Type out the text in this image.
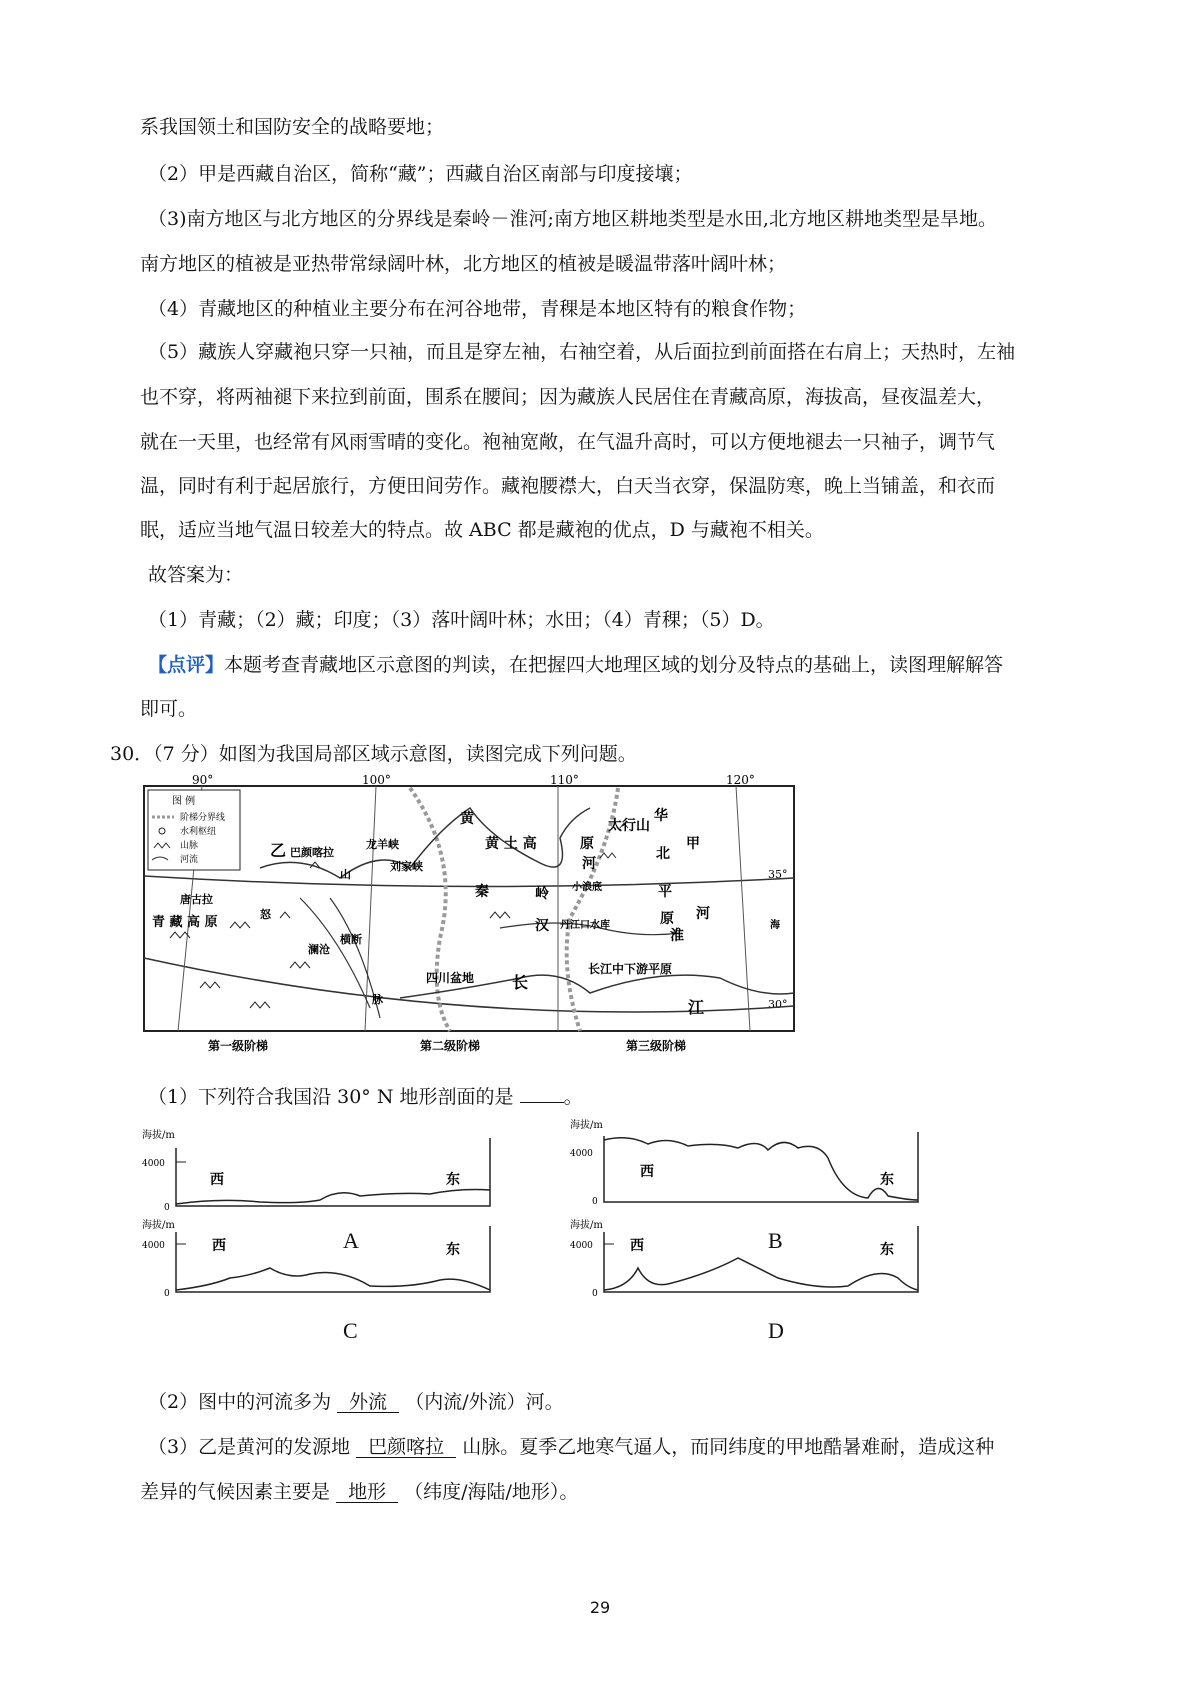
系我国领土和国防安全的战略要地；
（2）甲是西藏自治区，简称“藏”；西藏自治区南部与印度接壤；
（3)南方地区与北方地区的分界线是秦岭－淮河;南方地区耕地类型是水田,北方地区耕地类型是旱地。
南方地区的植被是亚热带常绿阔叶林，北方地区的植被是暖温带落叶阔叶林；
（4）青藏地区的种植业主要分布在河谷地带，青稞是本地区特有的粮食作物；
（5）藏族人穿藏袍只穿一只袖，而且是穿左袖，右袖空着，从后面拉到前面搭在右肩上；天热时，左袖
也不穿，将两袖褪下来拉到前面，围系在腰间；因为藏族人民居住在青藏高原，海拔高，昼夜温差大，
就在一天里，也经常有风雨雪晴的变化。袍袖宽敞，在气温升高时，可以方便地褪去一只袖子，调节气
温，同时有利于起居旅行，方便田间劳作。藏袍腰襟大，白天当衣穿，保温防寒，晚上当铺盖，和衣而
眠，适应当地气温日较差大的特点。故 ABC 都是藏袍的优点，D 与藏袍不相关。
故答案为：
（1）青藏；（2）藏；印度；（3）落叶阔叶林；水田；（4）青稞；（5）D。
【点评】本题考查青藏地区示意图的判读，在把握四大地理区域的划分及特点的基础上，读图理解解答
即可。
30．（7 分）如图为我国局部区域示意图，读图完成下列问题。
90°	100°	110°	120°
35°
30°
图 例
阶梯分界线
水利枢纽
山脉
河流
黄
黄 土 高	原
太行山
河
华
北
甲
平
原 河
龙羊峡
刘家峡
乙 巴颜喀拉
山
青 藏 高 原
唐古拉
怒
横断
澜沧
脉
秦	岭 小浪底
丹江口水库
汉
淮
四川盆地 长
江
长江中下游平原
海
第一级阶梯	第二级阶梯	第三级阶梯
（1）下列符合我国沿 30° N 地形剖面的是	。
海拔/m
4000
0
西	东
A
海拔/m
4000
0
西	东
B
海拔/m
4000
0
西	东
C
海拔/m
4000
0
西	东
D
（2）图中的河流多为 外流 （内流/外流）河。
（3）乙是黄河的发源地 巴颜喀拉 山脉。夏季乙地寒气逼人，而同纬度的甲地酷暑难耐，造成这种
差异的气候因素主要是 地形 （纬度/海陆/地形）。
29
